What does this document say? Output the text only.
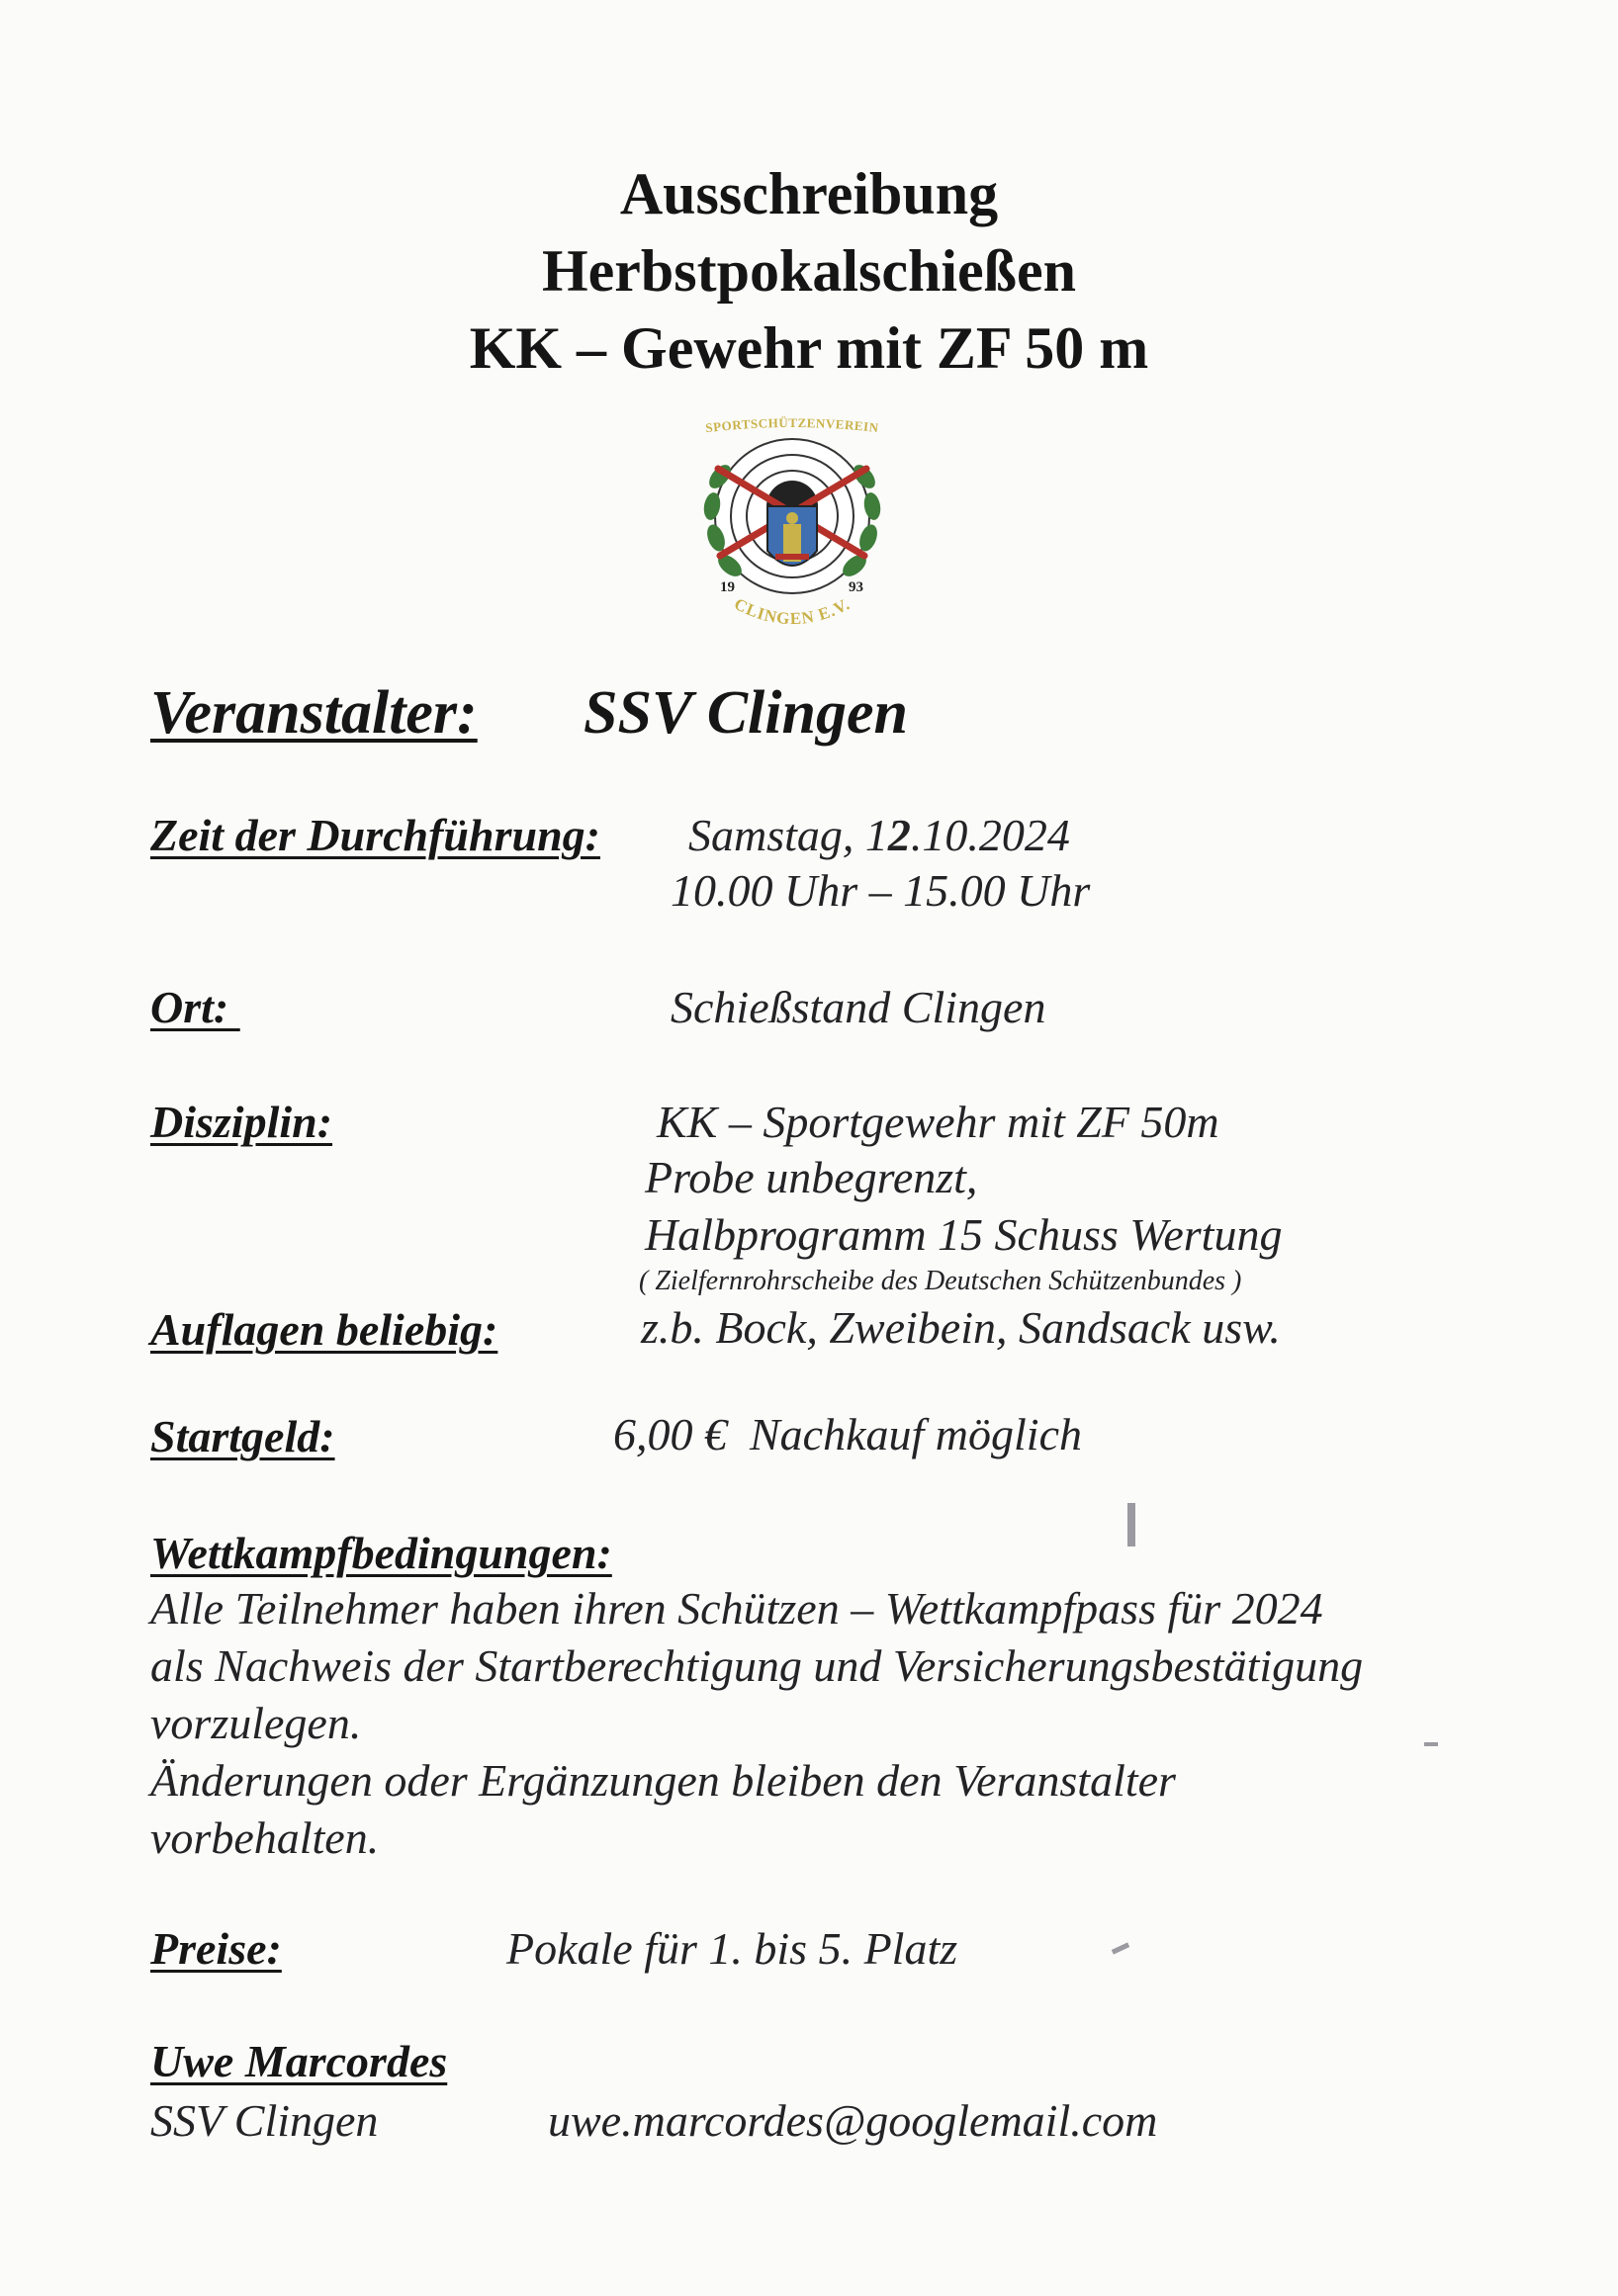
Ausschreibung
Herbstpokalschießen
KK – Gewehr mit ZF 50 m
SPORTSCHÜTZENVEREIN
19	93
CLINGEN E.V.
Veranstalter: SSV Clingen
Zeit der Durchführung: Samstag, 12.10.2024
10.00 Uhr – 15.00 Uhr
Ort:	Schießstand Clingen
Disziplin:	KK – Sportgewehr mit ZF 50m
Probe unbegrenzt,
Halbprogramm 15 Schuss Wertung
( Zielfernrohrscheibe des Deutschen Schützenbundes )
Auflagen beliebig:	z.b. Bock, Zweibein, Sandsack usw.
Startgeld:	6,00 €  Nachkauf möglich
Wettkampfbedingungen:
Alle Teilnehmer haben ihren Schützen – Wettkampfpass für 2024
als Nachweis der Startberechtigung und Versicherungsbestätigung
vorzulegen.
Änderungen oder Ergänzungen bleiben den Veranstalter
vorbehalten.
Preise:	Pokale für 1. bis 5. Platz
Uwe Marcordes
SSV Clingen	uwe.marcordes@googlemail.com
